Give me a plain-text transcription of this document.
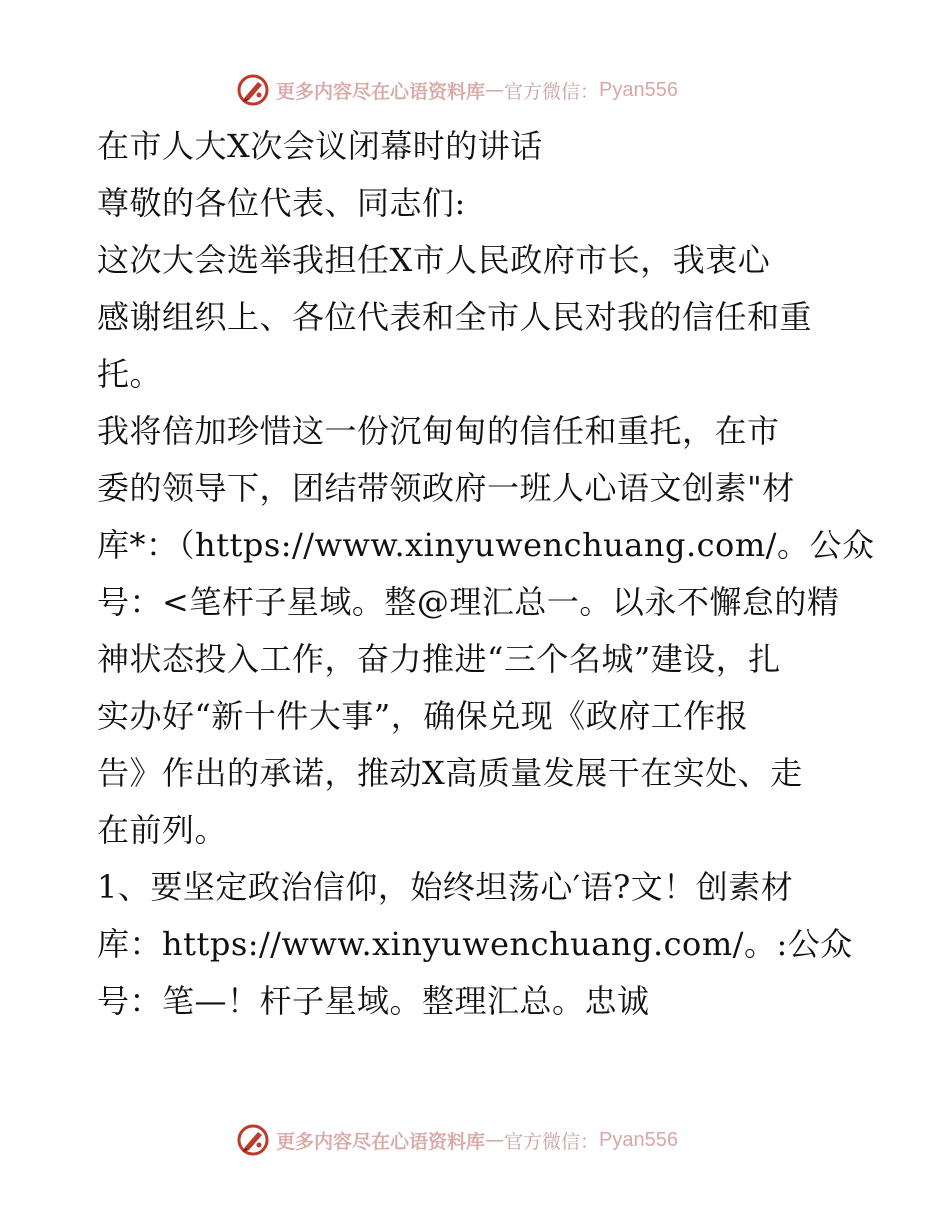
更多内容尽在心语资料库 — 官方微信： Pyan556
在市人大X次会议闭幕时的讲话
尊敬的各位代表、同志们:
这次大会选举我担任X市人民政府市长，我衷心
感谢组织上、各位代表和全市人民对我的信任和重
托。
我将倍加珍惜这一份沉甸甸的信任和重托，在市
委的领导下，团结带领政府一班人心语文创素"材
库*：（https://www.xinyuwenchuang.com/。公众
号：<笔杆子星域。整@理汇总一。以永不懈怠的精
神状态投入工作，奋力推进“三个名城”建设，扎
实办好“新十件大事”，确保兑现《政府工作报
告》作出的承诺，推动X高质量发展干在实处、走
在前列。
1、要坚定政治信仰，始终坦荡心′语?文！创素材
库：https://www.xinyuwenchuang.com/。:公众
号：笔—！杆子星域。整理汇总。忠诚
更多内容尽在心语资料库 — 官方微信： Pyan556
